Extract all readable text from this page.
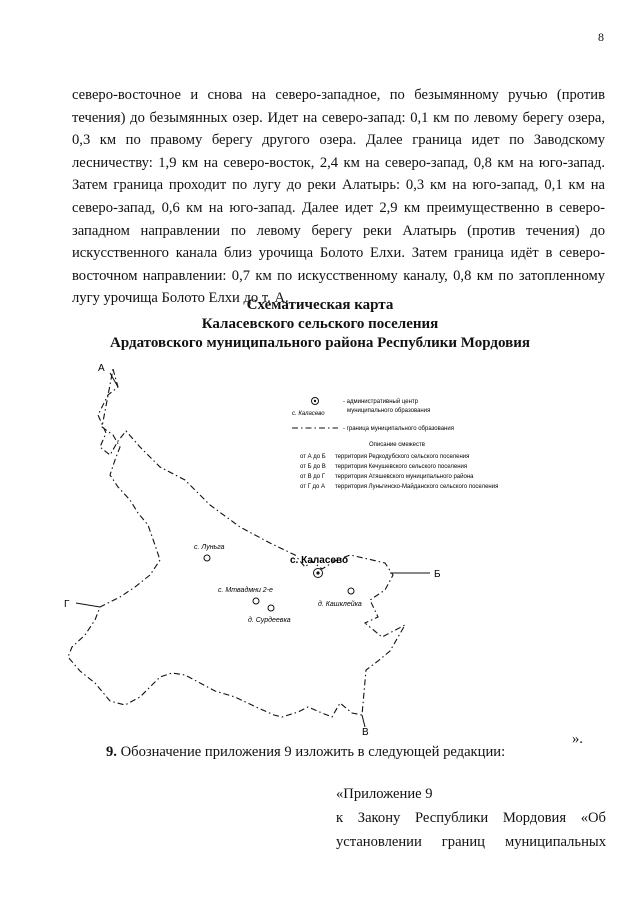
8

северо-восточное и снова на северо-западное, по безымянному ручью (против течения) до безымянных озер. Идет на северо-запад: 0,1 км по левому берегу озера, 0,3 км по правому берегу другого озера. Далее граница идет по Заводскому лесничеству: 1,9 км на северо-восток, 2,4 км на северо-запад, 0,8 км на юго-запад. Затем граница проходит по лугу до реки Алатырь: 0,3 км на юго-запад, 0,1 км на северо-запад, 0,6 км на юго-запад. Далее идет 2,9 км преимущественно в северо-западном направлении по левому берегу реки Алатырь (против течения) до искусственного канала близ урочища Болото Елхи. Затем граница идёт в северо-восточном направлении: 0,7 км по искусственному каналу, 0,8 км по затопленному лугу урочища Болото Елхи до т. А.

Схематическая карта
Каласевского сельского поселения
Ардатовского муниципального района Республики Мордовия
А
Б
В
Г
с. Каласево
- административный центр
муниципального образования
- граница муниципального образования
Описание смежеств
от А до Б территория Редкодубского сельского поселения
от Б до В территория Кечушевского сельского поселения
от В до Г территория Атяшевского муниципального района
от Г до А территория Луньгинско-Майданского сельского поселения
с. Каласево
с. Луньга
с. Мтвадмни 2-е
д. Кашклейка
д. Сурдеевка
».
9. Обозначение приложения 9 изложить в следующей редакции:
«Приложение 9
к Закону Республики Мордовия «Об
установлении границ муниципальных
